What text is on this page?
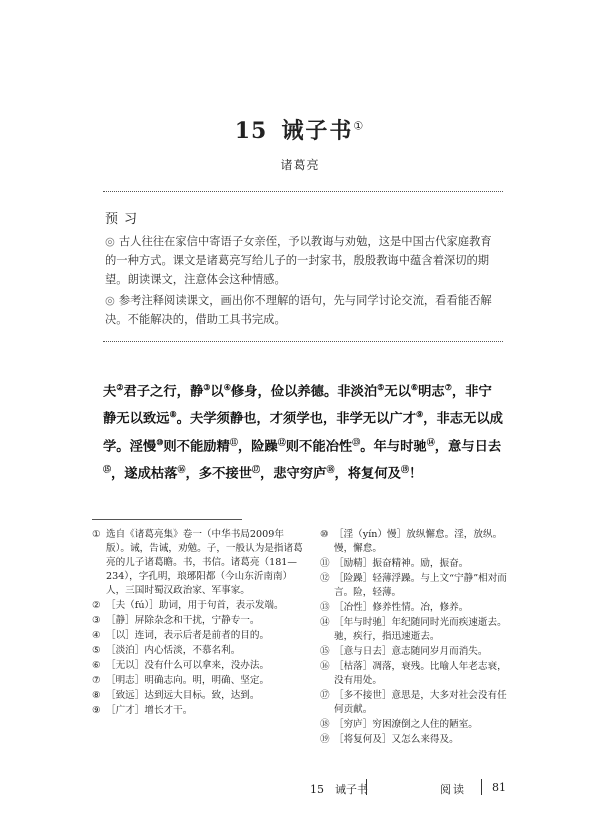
15 诫子书①
诸葛亮
预习
◎ 古人往往在家信中寄语子女亲侄，予以教诲与劝勉，这是中国古代家庭教育的一种方式。课文是诸葛亮写给儿子的一封家书，殷殷教诲中蕴含着深切的期望。朗读课文，注意体会这种情感。
◎ 参考注释阅读课文，画出你不理解的语句，先与同学讨论交流，看看能否解决。不能解决的，借助工具书完成。
夫②君子之行，静③以④修身，俭以养德。非淡泊⑤无以⑥明志⑦，非宁静无以致远⑧。夫学须静也，才须学也，非学无以广才⑨，非志无以成学。淫慢⑩则不能励精⑪，险躁⑫则不能冶性⑬。年与时驰⑭，意与日去⑮，遂成枯落⑯，多不接世⑰，悲守穷庐⑱，将复何及⑲！
① 选自《诸葛亮集》卷一（中华书局2009年版）。诫，告诫，劝勉。子，一般认为是指诸葛亮的儿子诸葛瞻。书，书信。诸葛亮（181—234），字孔明，琅琊阳都（今山东沂南南）人，三国时蜀汉政治家、军事家。
② ［夫（fú）］助词，用于句首，表示发端。
③ ［静］屏除杂念和干扰，宁静专一。
④ ［以］连词，表示后者是前者的目的。
⑤ ［淡泊］内心恬淡，不慕名利。
⑥ ［无以］没有什么可以拿来，没办法。
⑦ ［明志］明确志向。明，明确、坚定。
⑧ ［致远］达到远大目标。致，达到。
⑨ ［广才］增长才干。
⑩ ［淫（yín）慢］放纵懈怠。淫，放纵。慢，懈怠。
⑪ ［励精］振奋精神。励，振奋。
⑫ ［险躁］轻薄浮躁。与上文“宁静”相对而言。险，轻薄。
⑬ ［冶性］修养性情。冶，修养。
⑭ ［年与时驰］年纪随同时光而疾速逝去。驰，疾行，指迅速逝去。
⑮ ［意与日去］意志随同岁月而消失。
⑯ ［枯落］凋落，衰残。比喻人年老志衰，没有用处。
⑰ ［多不接世］意思是，大多对社会没有任何贡献。
⑱ ［穷庐］穷困潦倒之人住的陋室。
⑲ ［将复何及］又怎么来得及。
15　诫子书	阅读 81
